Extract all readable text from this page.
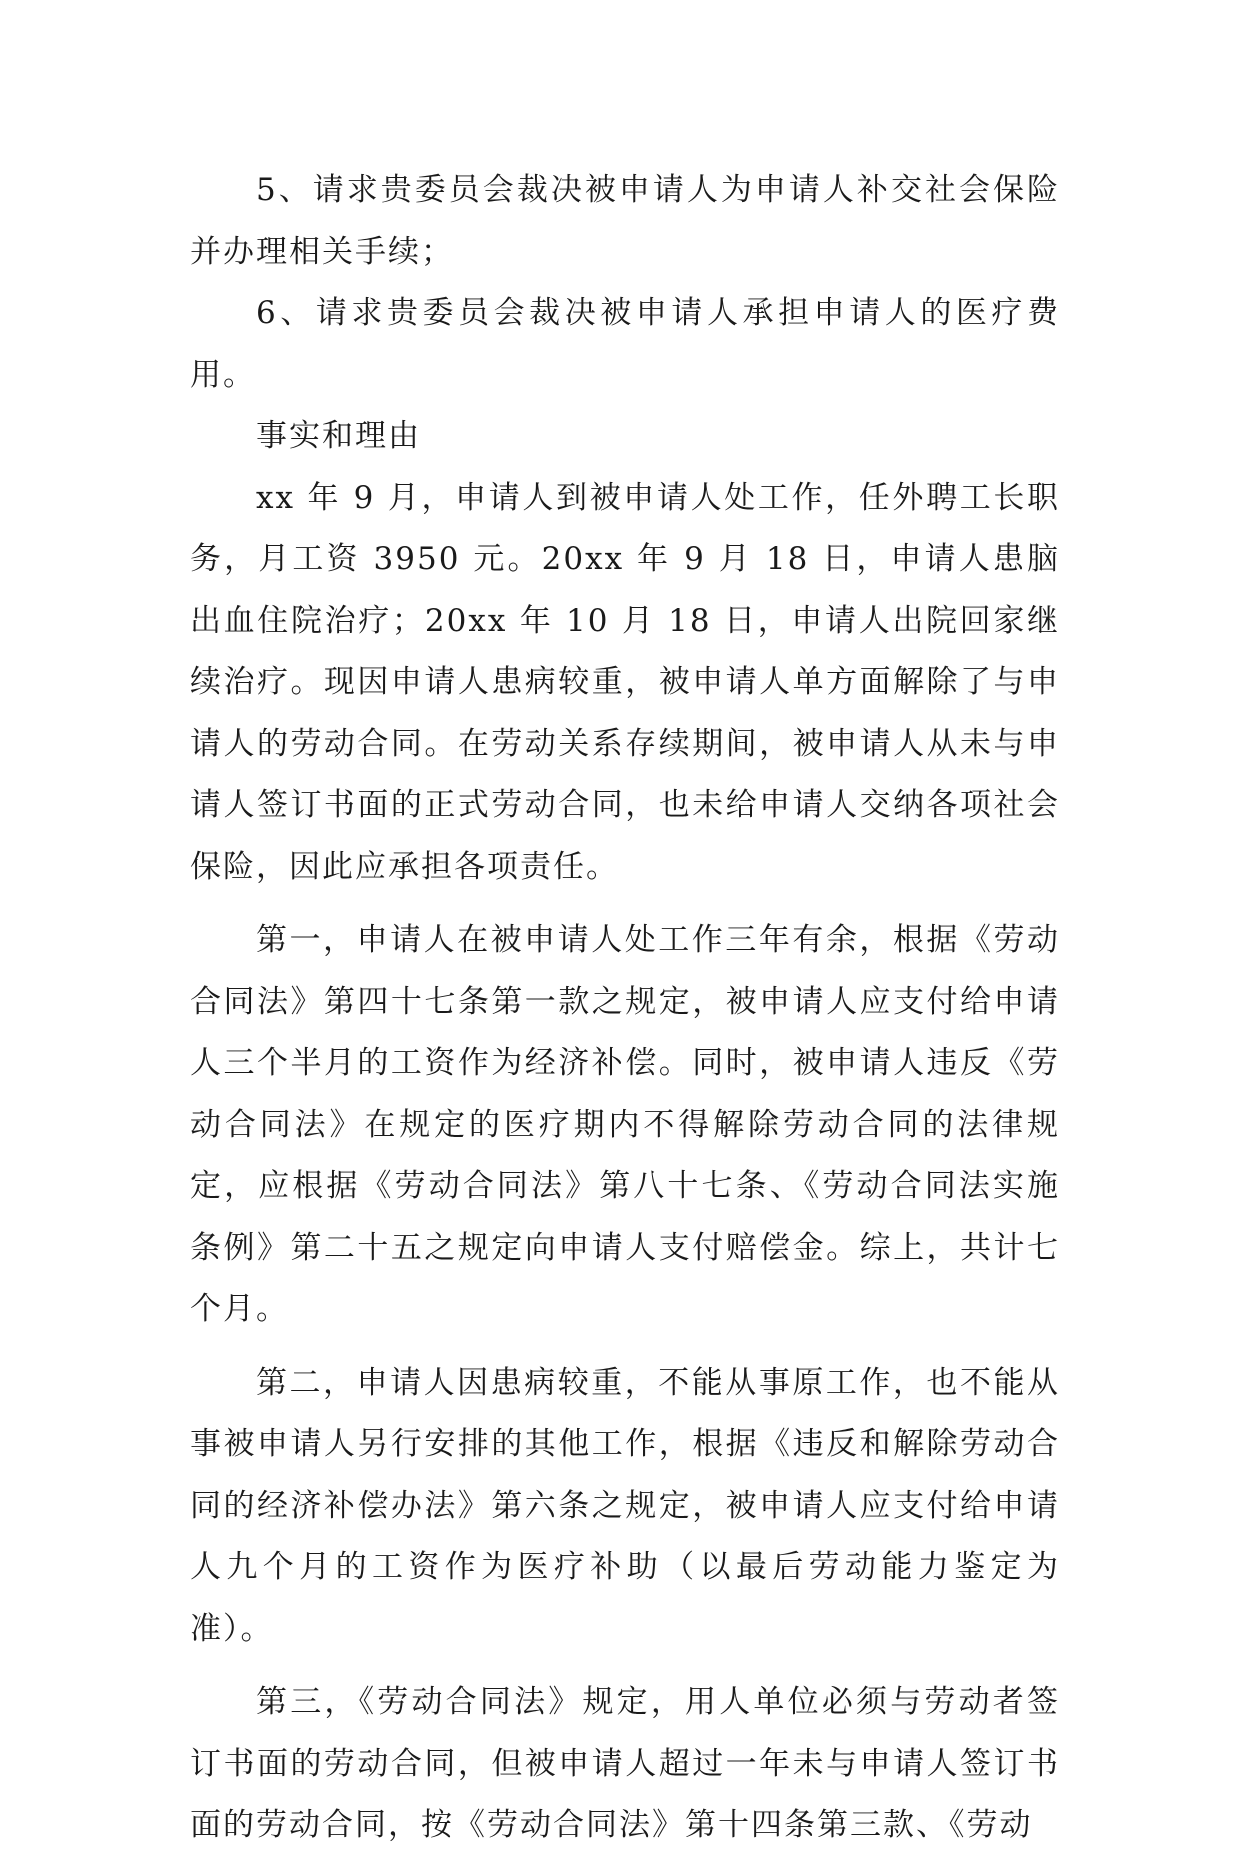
5、请求贵委员会裁决被申请人为申请人补交社会保险并办理相关手续；

6、请求贵委员会裁决被申请人承担申请人的医疗费用。

事实和理由

xx 年 9 月，申请人到被申请人处工作，任外聘工长职务，月工资 3950 元。20xx 年 9 月 18 日，申请人患脑出血住院治疗；20xx 年 10 月 18 日，申请人出院回家继续治疗。现因申请人患病较重，被申请人单方面解除了与申请人的劳动合同。在劳动关系存续期间，被申请人从未与申请人签订书面的正式劳动合同，也未给申请人交纳各项社会保险，因此应承担各项责任。

第一，申请人在被申请人处工作三年有余，根据《劳动合同法》第四十七条第一款之规定，被申请人应支付给申请人三个半月的工资作为经济补偿。同时，被申请人违反《劳动合同法》在规定的医疗期内不得解除劳动合同的法律规定，应根据《劳动合同法》第八十七条、《劳动合同法实施条例》第二十五之规定向申请人支付赔偿金。综上，共计七个月。

第二，申请人因患病较重，不能从事原工作，也不能从事被申请人另行安排的其他工作，根据《违反和解除劳动合同的经济补偿办法》第六条之规定，被申请人应支付给申请人九个月的工资作为医疗补助（以最后劳动能力鉴定为准）。

第三，《劳动合同法》规定，用人单位必须与劳动者签订书面的劳动合同，但被申请人超过一年未与申请人签订书面的劳动合同，按《劳动合同法》第十四条第三款、《劳动
